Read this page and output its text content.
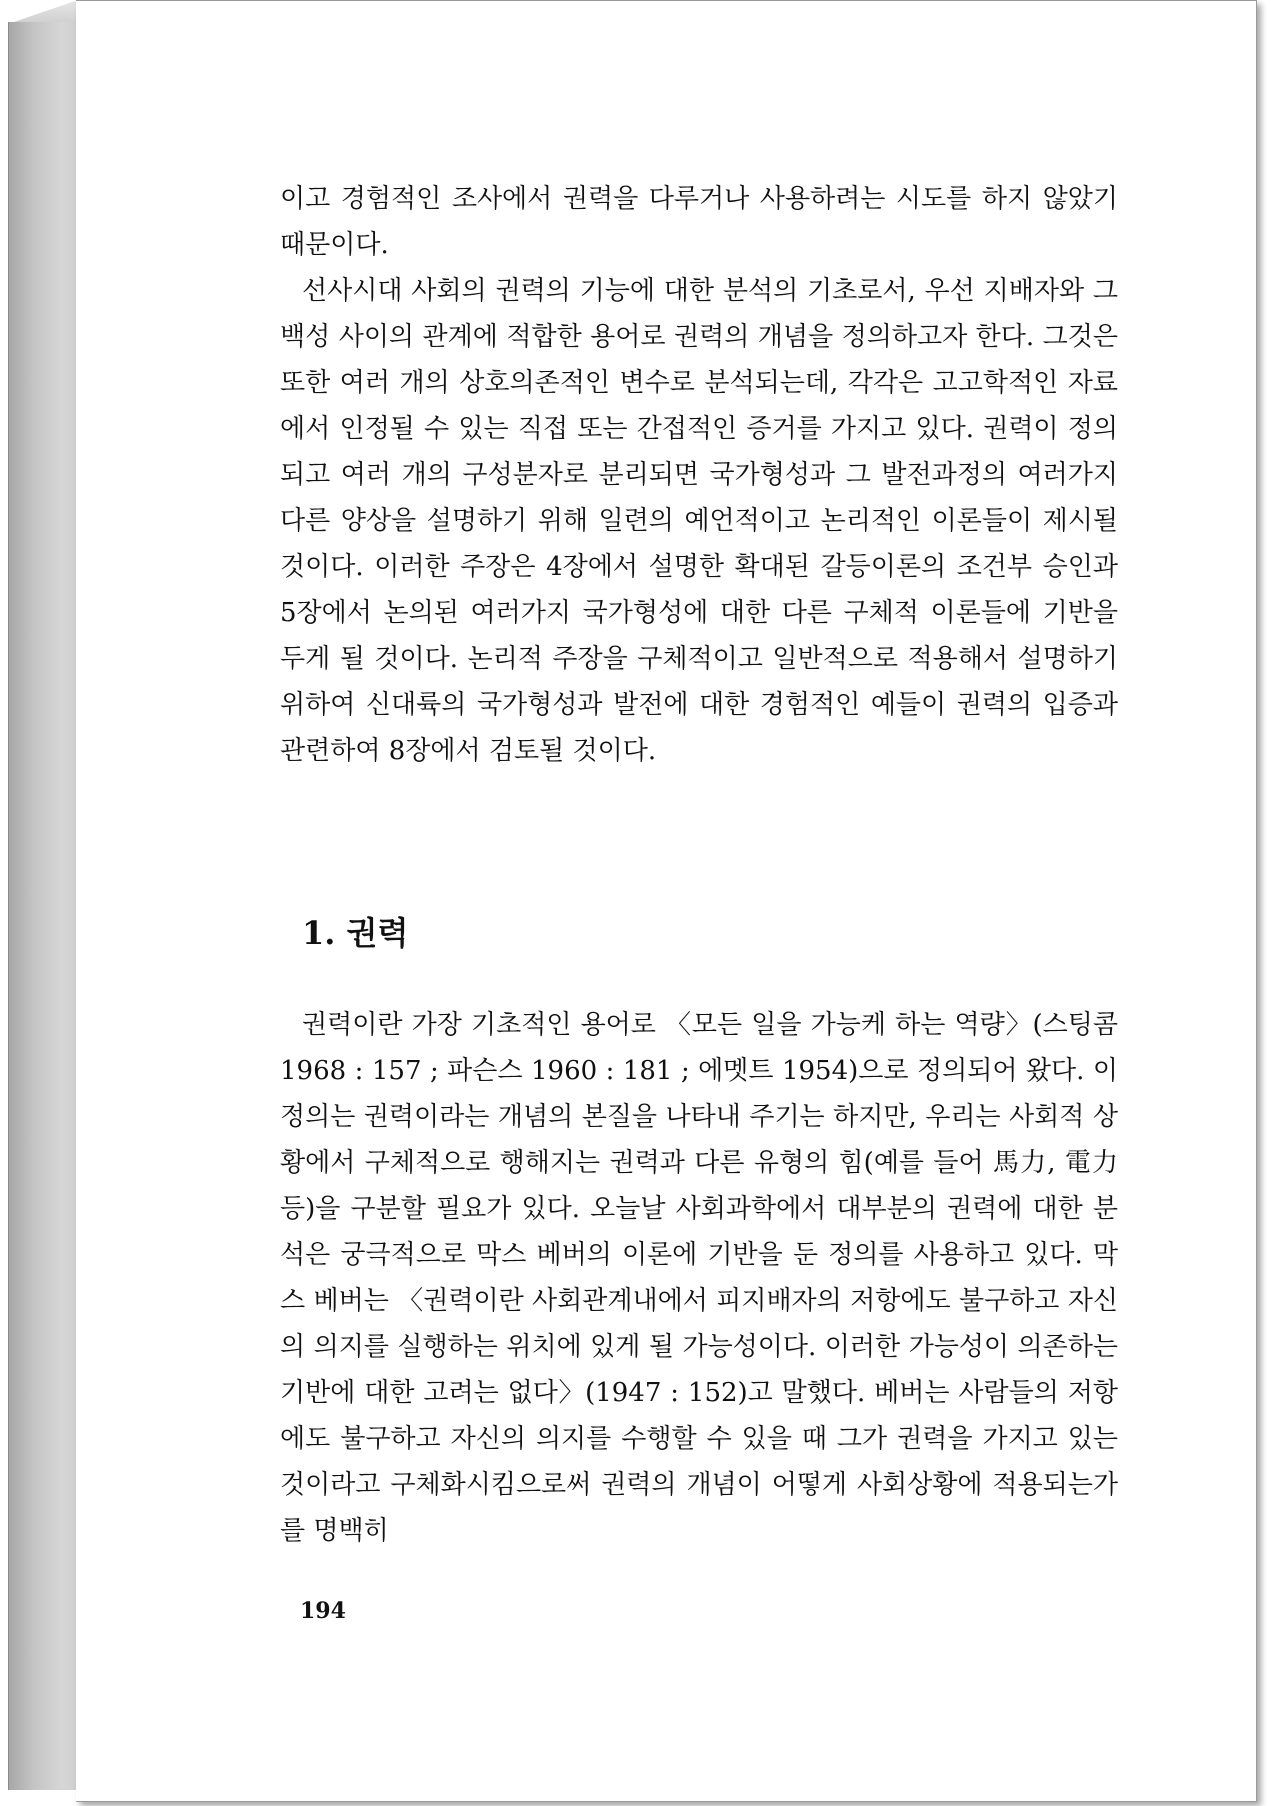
이고 경험적인 조사에서 권력을 다루거나 사용하려는 시도를 하지 않았기 때문이다.

선사시대 사회의 권력의 기능에 대한 분석의 기초로서, 우선 지배자와 그 백성 사이의 관계에 적합한 용어로 권력의 개념을 정의하고자 한다. 그것은 또한 여러 개의 상호의존적인 변수로 분석되는데, 각각은 고고학적인 자료에서 인정될 수 있는 직접 또는 간접적인 증거를 가지고 있다. 권력이 정의되고 여러 개의 구성분자로 분리되면 국가형성과 그 발전과정의 여러가지 다른 양상을 설명하기 위해 일련의 예언적이고 논리적인 이론들이 제시될 것이다. 이러한 주장은 4장에서 설명한 확대된 갈등이론의 조건부 승인과 5장에서 논의된 여러가지 국가형성에 대한 다른 구체적 이론들에 기반을 두게 될 것이다. 논리적 주장을 구체적이고 일반적으로 적용해서 설명하기 위하여 신대륙의 국가형성과 발전에 대한 경험적인 예들이 권력의 입증과 관련하여 8장에서 검토될 것이다.

1. 권력

권력이란 가장 기초적인 용어로 〈모든 일을 가능케 하는 역량〉(스팅콤1968 : 157 ; 파슨스 1960 : 181 ; 에멧트 1954)으로 정의되어 왔다. 이 정의는 권력이라는 개념의 본질을 나타내 주기는 하지만, 우리는 사회적 상황에서 구체적으로 행해지는 권력과 다른 유형의 힘(예를 들어 馬力, 電力 등)을 구분할 필요가 있다. 오늘날 사회과학에서 대부분의 권력에 대한 분석은 궁극적으로 막스 베버의 이론에 기반을 둔 정의를 사용하고 있다. 막스 베버는 〈권력이란 사회관계내에서 피지배자의 저항에도 불구하고 자신의 의지를 실행하는 위치에 있게 될 가능성이다. 이러한 가능성이 의존하는 기반에 대한 고려는 없다〉(1947 : 152)고 말했다. 베버는 사람들의 저항에도 불구하고 자신의 의지를 수행할 수 있을 때 그가 권력을 가지고 있는 것이라고 구체화시킴으로써 권력의 개념이 어떻게 사회상황에 적용되는가를 명백히

194
